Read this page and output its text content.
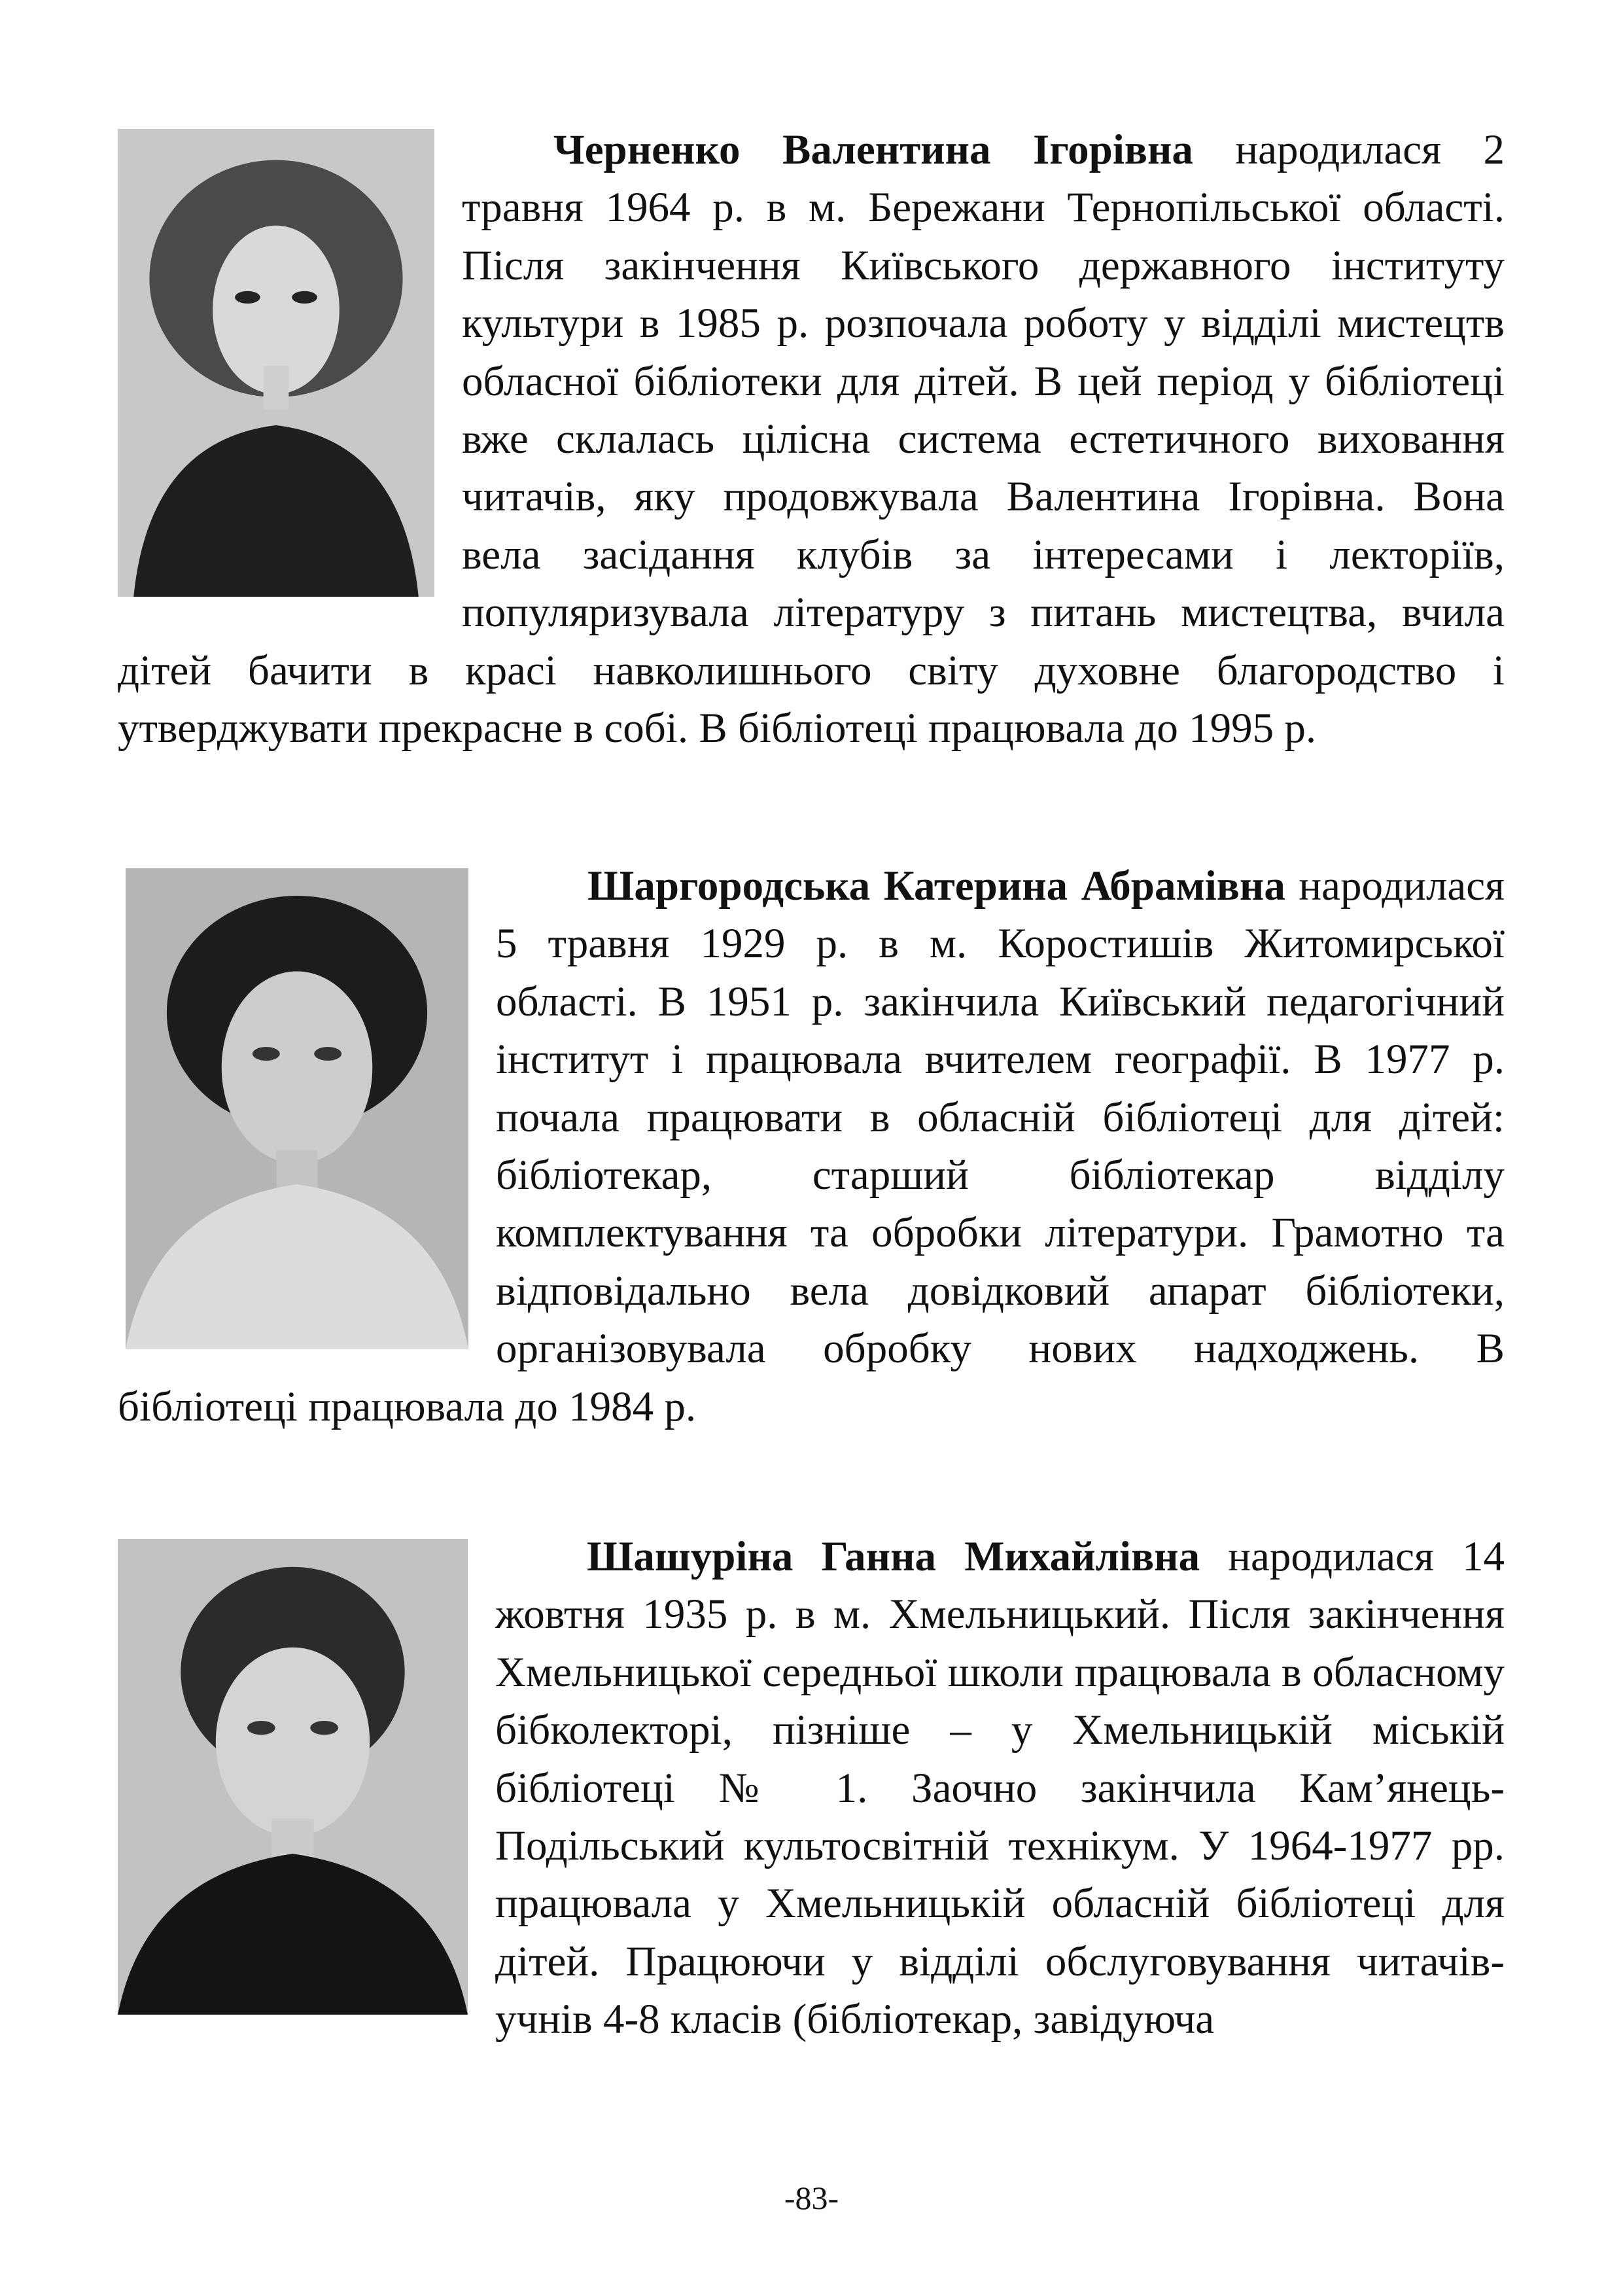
Черненко Валентина Ігорівна народилася 2 травня 1964 р. в м. Бережани Тернопільської області. Після закінчення Київського державного інституту культури в 1985 р. розпочала роботу у відділі мистецтв обласної бібліотеки для дітей. В цей період у бібліотеці вже склалась цілісна система естетичного виховання читачів, яку продовжувала Валентина Ігорівна. Вона вела засідання клубів за інтересами і лекторіїв, популяризувала літературу з питань мистецтва, вчила дітей бачити в красі навколишнього світу духовне благородство і утверджувати прекрасне в собі. В бібліотеці працювала до 1995 р.

Шаргородська Катерина Абрамівна народилася 5 травня 1929 р. в м. Коростишів Житомирської області. В 1951 р. закінчила Київський педагогічний інститут і працювала вчителем географії. В 1977 р. почала працювати в обласній бібліотеці для дітей: бібліотекар, старший бібліотекар відділу комплектування та обробки літератури. Грамотно та відповідально вела довідковий апарат бібліотеки, організовувала обробку нових надходжень. В бібліотеці працювала до 1984 р.

Шашуріна Ганна Михайлівна народилася 14 жовтня 1935 р. в м. Хмельницький. Після закінчення Хмельницької середньої школи працювала в обласному бібколекторі, пізніше – у Хмельницькій міській бібліотеці № 1. Заочно закінчила Кам’янець-Подільський культосвітній технікум. У 1964-1977 рр. працювала у Хмельницькій обласній бібліотеці для дітей. Працюючи у відділі обслуговування читачів-учнів 4-8 класів (бібліотекар, завідуюча

-83-
